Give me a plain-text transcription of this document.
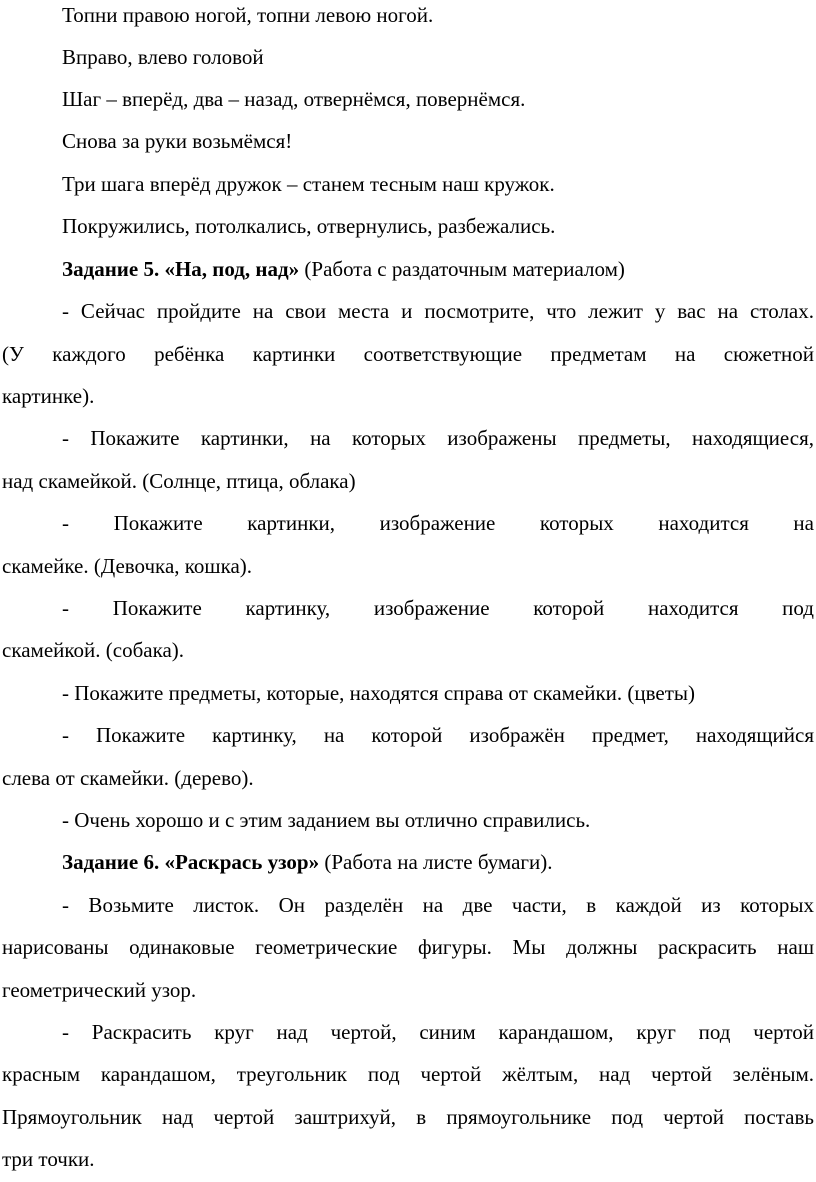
Топни правою ногой, топни левою ногой.
Вправо, влево головой
Шаг – вперёд, два – назад, отвернёмся, повернёмся.
Снова за руки возьмёмся!
Три шага вперёд дружок – станем тесным наш кружок.
Покружились, потолкались, отвернулись, разбежались.
Задание 5. «На, под, над» (Работа с раздаточным материалом)
- Сейчас пройдите на свои места и посмотрите, что лежит у вас на столах.
(У каждого ребёнка картинки соответствующие предметам на сюжетной
картинке).
- Покажите картинки, на которых изображены предметы, находящиеся,
над скамейкой. (Солнце, птица, облака)
- Покажите картинки, изображение которых находится на
скамейке. (Девочка, кошка).
- Покажите картинку, изображение которой находится под
скамейкой. (собака).
- Покажите предметы, которые, находятся справа от скамейки. (цветы)
- Покажите картинку, на которой изображён предмет, находящийся
слева от скамейки. (дерево).
- Очень хорошо и с этим заданием вы отлично справились.
Задание 6. «Раскрась узор» (Работа на листе бумаги).
- Возьмите листок. Он разделён на две части, в каждой из которых
нарисованы одинаковые геометрические фигуры. Мы должны раскрасить наш
геометрический узор.
- Раскрасить круг над чертой, синим карандашом, круг под чертой
красным карандашом, треугольник под чертой жёлтым, над чертой зелёным.
Прямоугольник над чертой заштрихуй, в прямоугольнике под чертой поставь
три точки.
